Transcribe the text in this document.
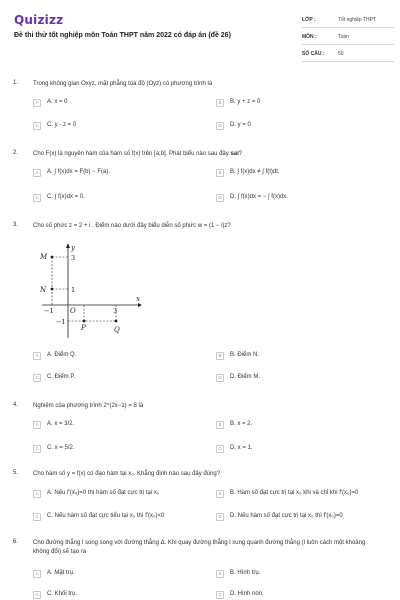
Quizizz
Đề thi thử tốt nghiệp môn Toán THPT năm 2022 có đáp án (đề 26)
LỚP :	Tốt nghiệp THPT
MÔN :	Toán
SỐ CÂU :	50
1. Trong không gian Oxyz, mặt phẳng tọa độ (Oyz) có phương trình là
A	A. x = 0	B	B. y + z = 0
C	C. y - z = 0	D	D. y = 0
2. Cho F(x) là nguyên hàm của hàm số f(x) trên [a;b]. Phát biểu nào sau đây sai?
A	A. ∫ f(x)dx = F(b) − F(a).	B	B. ∫ f(x)dx ≠ ∫ f(t)dt.
C	C. ∫ f(x)dx = 0.	D	D. ∫ f(x)dx = − ∫ f(x)dx.
3. Cho số phức z = 2 + i . Điểm nào dưới đây biểu diễn số phức w = (1 − i)z?
y
x
O
M
N
P	Q
3
1
−1
−1
3
A	A. Điểm Q.	B	B. Điểm N.
C	C. Điểm P.	D	D. Điểm M.
4. Nghiệm của phương trình 2^(2x−1) = 8 là
A	A. x = 3/2.	B	B. x = 2.
C	C. x = 5/2.	D	D. x = 1.
5. Cho hàm số y = f(x) có đạo hàm tại x₀. Khẳng định nào sau đây đúng?
A	A. Nếu f'(x₀)=0 thì hàm số đạt cực trị tại x₀	B	B. Hàm số đạt cực trị tại x₀ khi và chỉ khi f'(x₀)=0
C	C. Nếu hàm số đạt cực tiểu tại x₀ thì f'(x₀)<0	D	D. Nếu hàm số đạt cực trị tại x₀ thì f'(x₀)=0
6. Cho đường thẳng l song song với đường thẳng Δ. Khi quay đường thẳng l xung quanh đường thẳng (l luôn cách một khoảng không đổi) sẽ tạo ra
A	A. Mặt trụ.	B	B. Hình trụ.
C	C. Khối trụ.	D	D. Hình nón.
